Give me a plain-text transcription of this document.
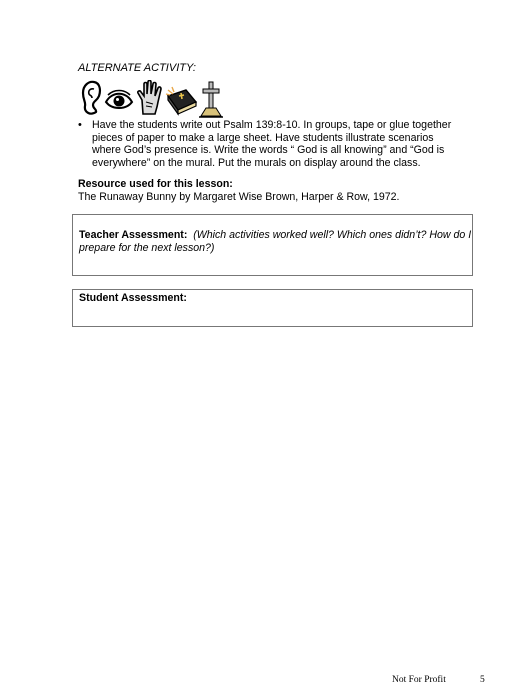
ALTERNATE ACTIVITY:
• Have the students write out Psalm 139:8-10. In groups, tape or glue together pieces of paper to make a large sheet. Have students illustrate scenarios where God’s presence is. Write the words “ God is all knowing” and “God is everywhere” on the mural. Put the murals on display around the class.
Resource used for this lesson:
The Runaway Bunny by Margaret Wise Brown, Harper & Row, 1972.
Teacher Assessment: (Which activities worked well? Which ones didn’t? How do I prepare for the next lesson?)
Student Assessment:
Not For Profit	5
